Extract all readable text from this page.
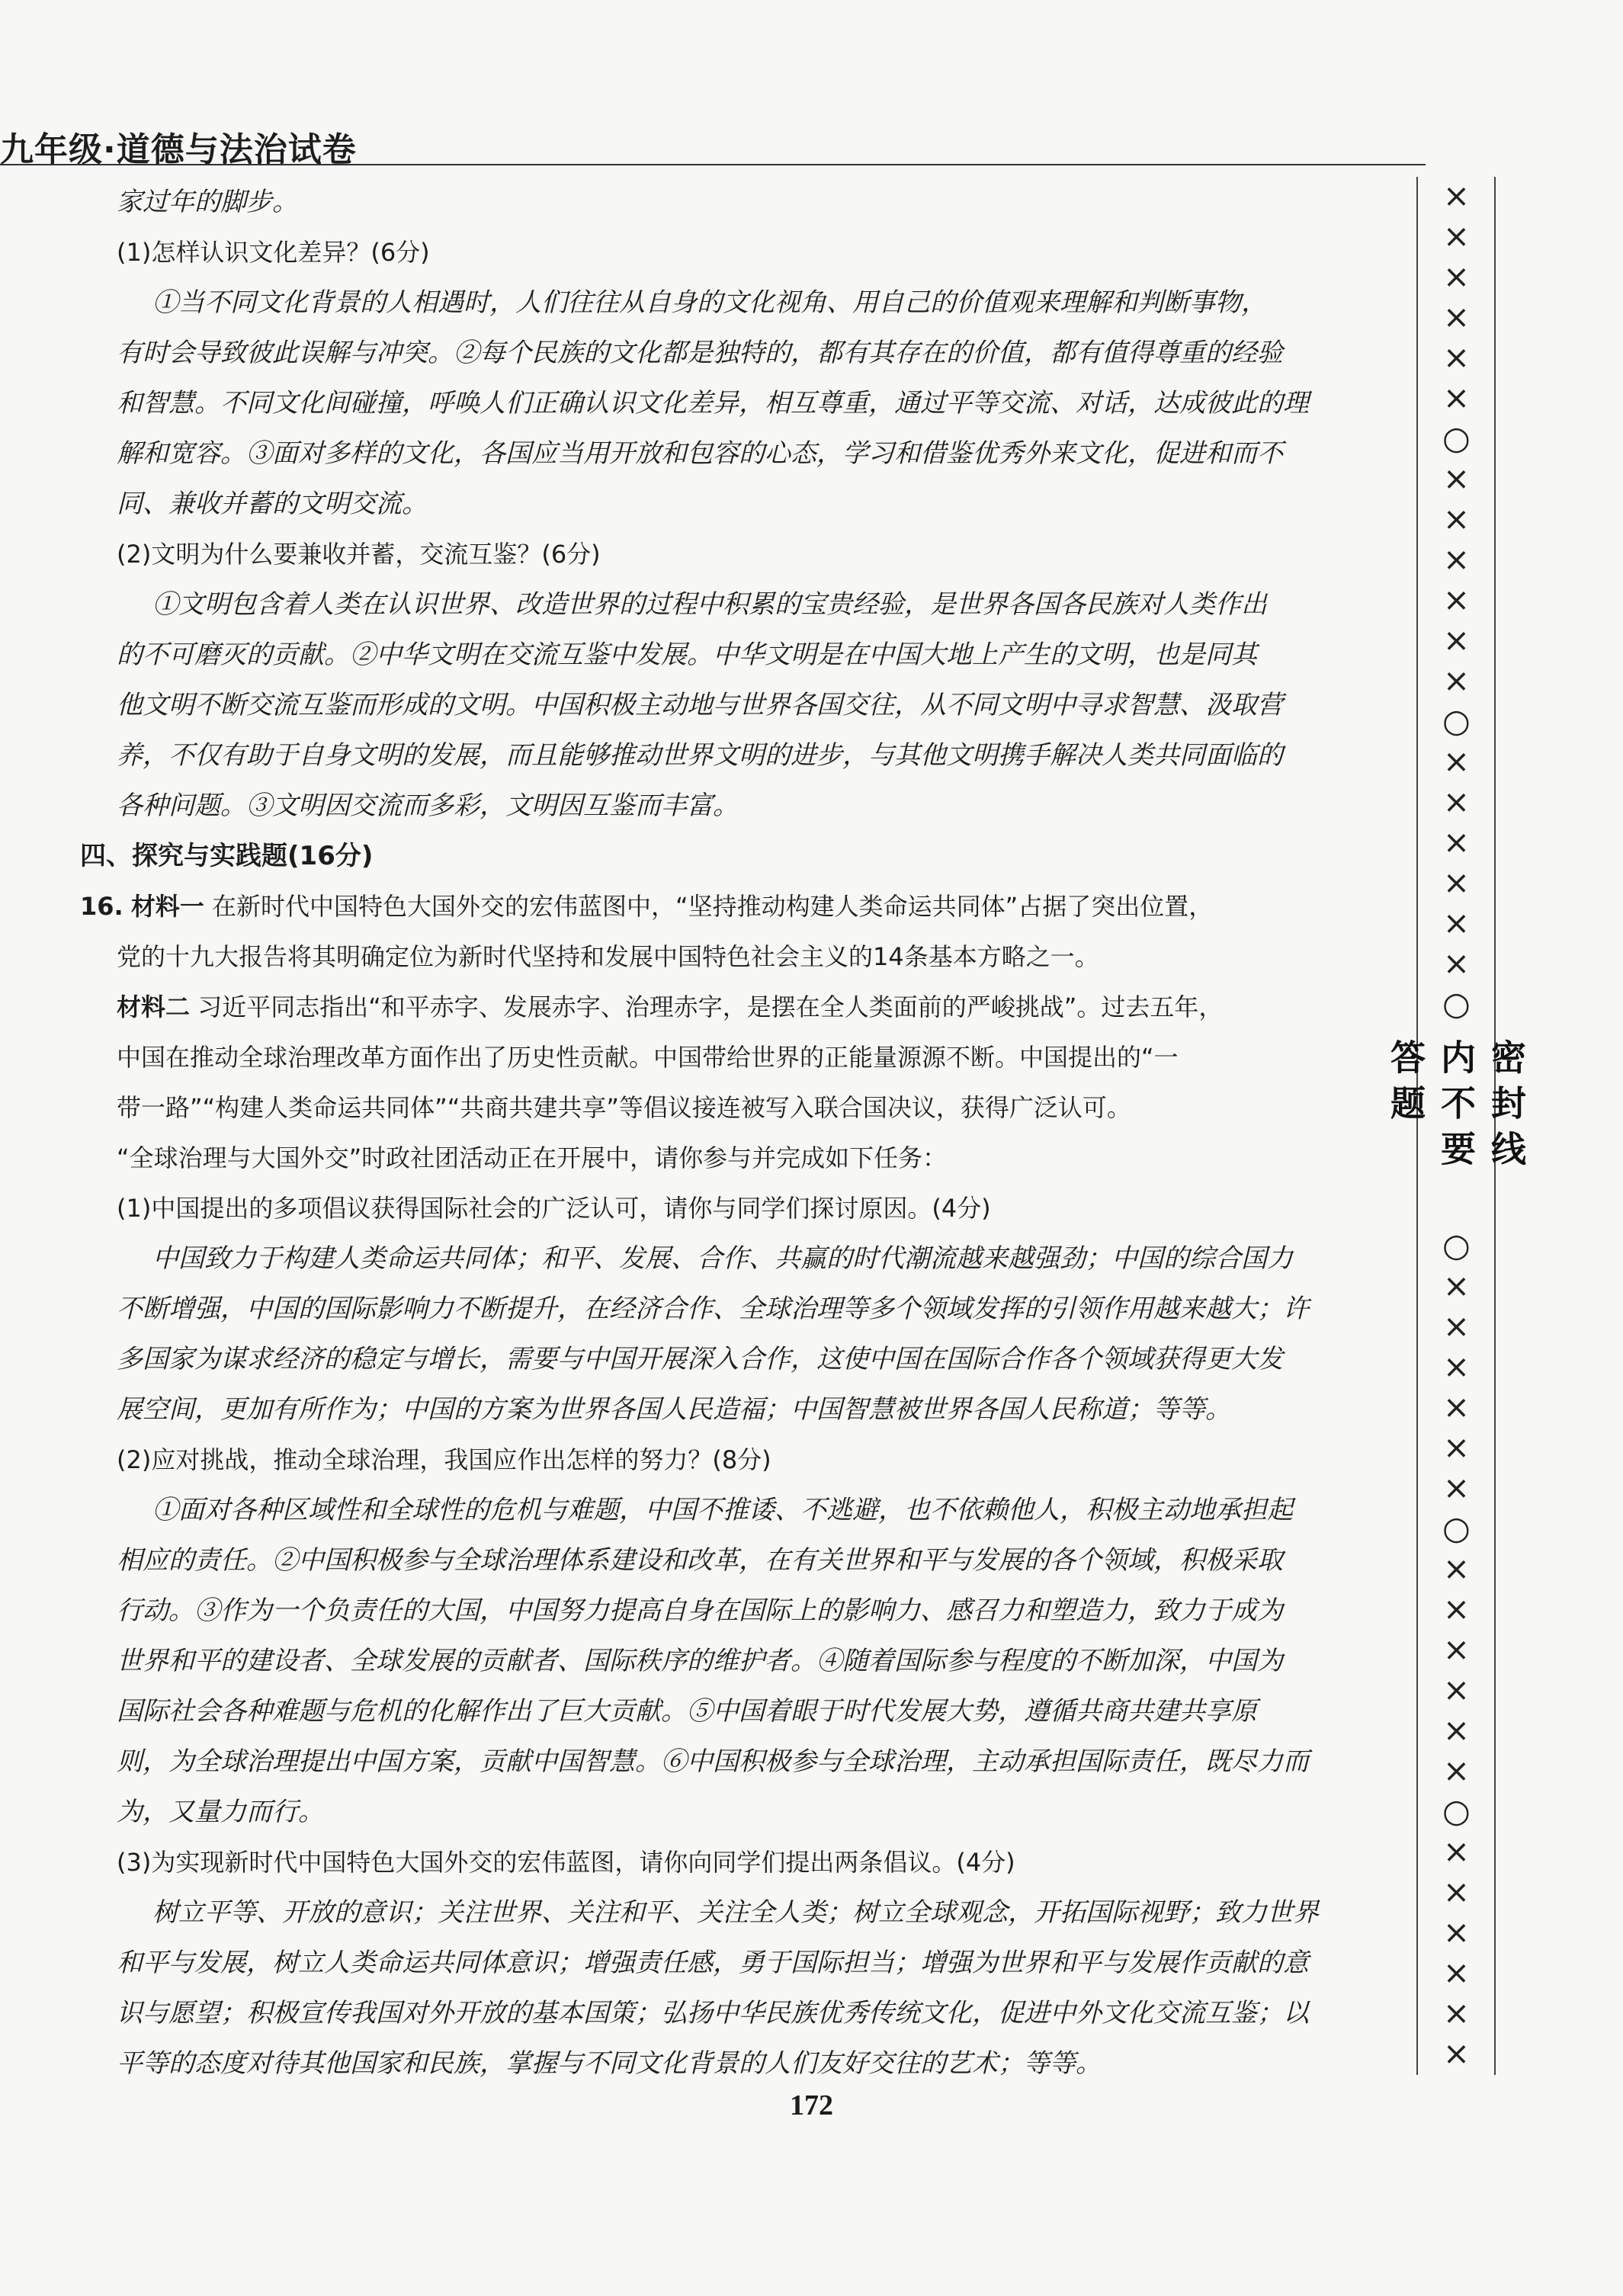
九年级·道德与法治试卷
家过年的脚步。
(1)怎样认识文化差异？(6分)
①当不同文化背景的人相遇时，人们往往从自身的文化视角、用自己的价值观来理解和判断事物，
有时会导致彼此误解与冲突。②每个民族的文化都是独特的，都有其存在的价值，都有值得尊重的经验
和智慧。不同文化间碰撞，呼唤人们正确认识文化差异，相互尊重，通过平等交流、对话，达成彼此的理
解和宽容。③面对多样的文化，各国应当用开放和包容的心态，学习和借鉴优秀外来文化，促进和而不
同、兼收并蓄的文明交流。
(2)文明为什么要兼收并蓄，交流互鉴？(6分)
①文明包含着人类在认识世界、改造世界的过程中积累的宝贵经验，是世界各国各民族对人类作出
的不可磨灭的贡献。②中华文明在交流互鉴中发展。中华文明是在中国大地上产生的文明，也是同其
他文明不断交流互鉴而形成的文明。中国积极主动地与世界各国交往，从不同文明中寻求智慧、汲取营
养，不仅有助于自身文明的发展，而且能够推动世界文明的进步，与其他文明携手解决人类共同面临的
各种问题。③文明因交流而多彩，文明因互鉴而丰富。
四、探究与实践题(16分)
16. 材料一 在新时代中国特色大国外交的宏伟蓝图中，“坚持推动构建人类命运共同体”占据了突出位置，
党的十九大报告将其明确定位为新时代坚持和发展中国特色社会主义的14条基本方略之一。
材料二 习近平同志指出“和平赤字、发展赤字、治理赤字，是摆在全人类面前的严峻挑战”。过去五年，
中国在推动全球治理改革方面作出了历史性贡献。中国带给世界的正能量源源不断。中国提出的“一
带一路”“构建人类命运共同体”“共商共建共享”等倡议接连被写入联合国决议，获得广泛认可。
“全球治理与大国外交”时政社团活动正在开展中，请你参与并完成如下任务：
(1)中国提出的多项倡议获得国际社会的广泛认可，请你与同学们探讨原因。(4分)
中国致力于构建人类命运共同体；和平、发展、合作、共赢的时代潮流越来越强劲；中国的综合国力
不断增强，中国的国际影响力不断提升，在经济合作、全球治理等多个领域发挥的引领作用越来越大；许
多国家为谋求经济的稳定与增长，需要与中国开展深入合作，这使中国在国际合作各个领域获得更大发
展空间，更加有所作为；中国的方案为世界各国人民造福；中国智慧被世界各国人民称道；等等。
(2)应对挑战，推动全球治理，我国应作出怎样的努力？(8分)
①面对各种区域性和全球性的危机与难题，中国不推诿、不逃避，也不依赖他人，积极主动地承担起
相应的责任。②中国积极参与全球治理体系建设和改革，在有关世界和平与发展的各个领域，积极采取
行动。③作为一个负责任的大国，中国努力提高自身在国际上的影响力、感召力和塑造力，致力于成为
世界和平的建设者、全球发展的贡献者、国际秩序的维护者。④随着国际参与程度的不断加深，中国为
国际社会各种难题与危机的化解作出了巨大贡献。⑤中国着眼于时代发展大势，遵循共商共建共享原
则，为全球治理提出中国方案，贡献中国智慧。⑥中国积极参与全球治理，主动承担国际责任，既尽力而
为，又量力而行。
(3)为实现新时代中国特色大国外交的宏伟蓝图，请你向同学们提出两条倡议。(4分)
树立平等、开放的意识；关注世界、关注和平、关注全人类；树立全球观念，开拓国际视野；致力世界
和平与发展，树立人类命运共同体意识；增强责任感，勇于国际担当；增强为世界和平与发展作贡献的意
识与愿望；积极宣传我国对外开放的基本国策；弘扬中华民族优秀传统文化，促进中外文化交流互鉴；以
平等的态度对待其他国家和民族，掌握与不同文化背景的人们友好交往的艺术；等等。
××××××○××××××○××××××○
密封线内不要答题
○××××××○××××××○××××××
172
